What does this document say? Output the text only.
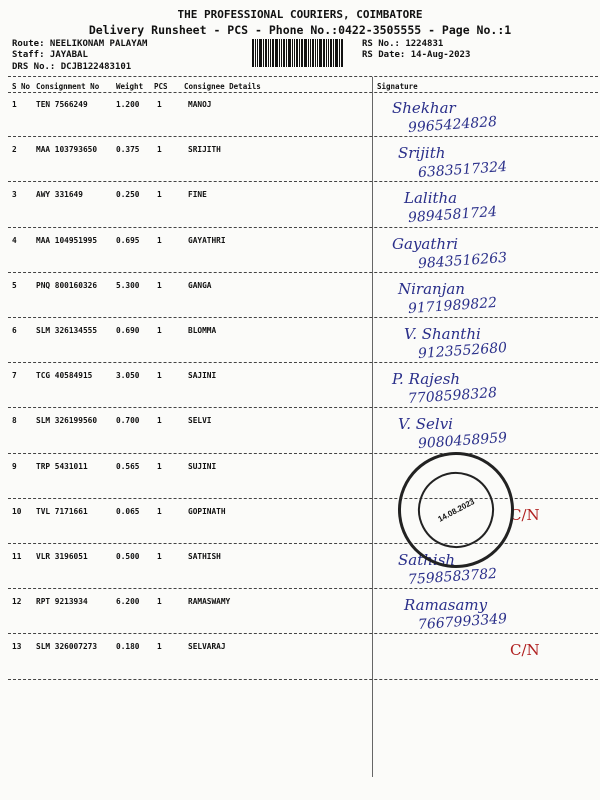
THE PROFESSIONAL COURIERS, COIMBATORE
Delivery Runsheet - PCS - Phone No.:0422-3505555 - Page No.:1
Route: NEELIKONAM PALAYAM
Staff: JAYABAL
DRS No.: DCJB122483101
RS No.: 1224831
RS Date: 14-Aug-2023
S No Consignment No Weight PCS Consignee Details	Signature
1 TEN 7566249	1.200 1	MANOJ	Shekhar
9965424828
2 MAA 103793650 0.375 1	SRIJITH	Srijith
6383517324
3 AWY 331649	0.250 1	FINE	Lalitha
9894581724
4 MAA 104951995 0.695 1	GAYATHRI	Gayathri
9843516263
5 PNQ 800160326 5.300 1	GANGA	Niranjan
9171989822
6 SLM 326134555 0.690 1	BLOMMA	V. Shanthi
9123552680
7 TCG 40584915	3.050 1	SAJINI	P. Rajesh
7708598328
8 SLM 326199560 0.700 1	SELVI	V. Selvi
9080458959
9 TRP 5431011	0.565 1	SUJINI
10 TVL 7171661	0.065 1	GOPINATH	C/N
11 VLR 3196051	0.500 1	SATHISH	Sathish
7598583782
12 RPT 9213934	6.200 1	RAMASWAMY	Ramasamy
7667993349
13 SLM 326007273 0.180 1	SELVARAJ	C/N
14.08.2023
